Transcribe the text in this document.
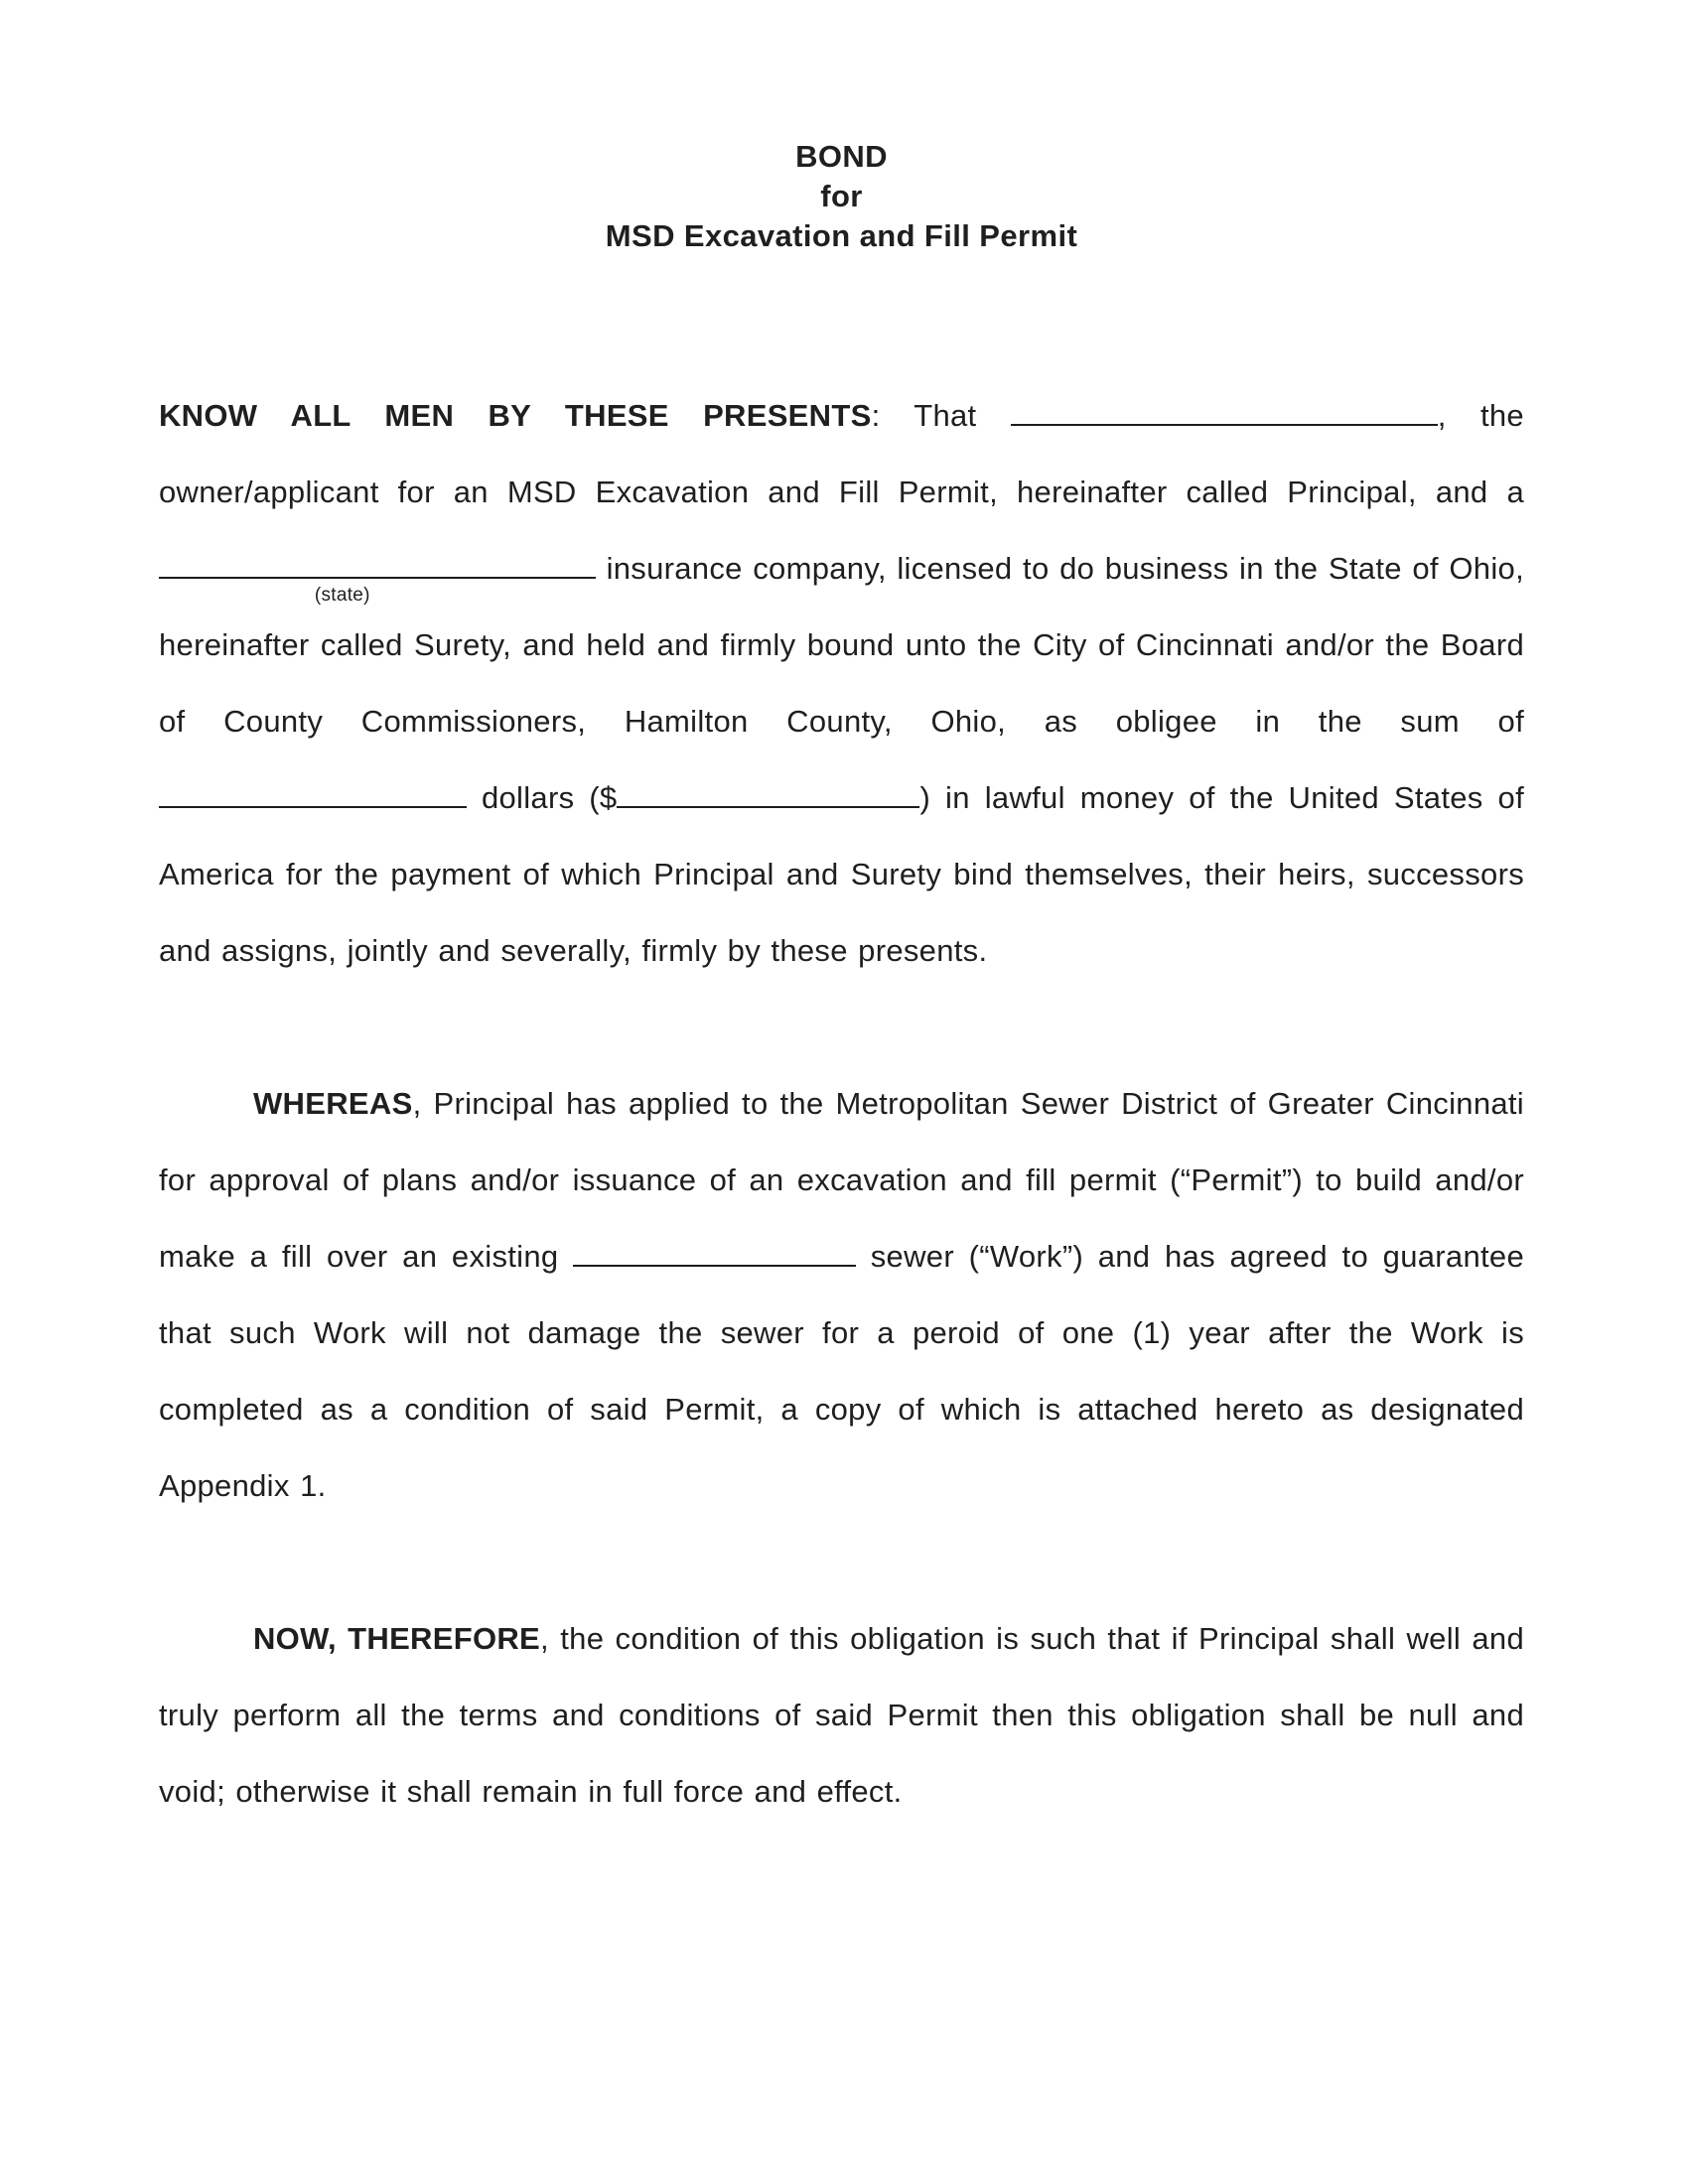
BOND
for
MSD Excavation and Fill Permit

KNOW ALL MEN BY THESE PRESENTS: That	, the owner/applicant for an MSD Excavation and Fill Permit, hereinafter called Principal, and a
(state)
insurance company, licensed to do business in the State of Ohio, hereinafter called Surety, and held and firmly bound unto the City of Cincinnati and/or the Board of County Commissioners, Hamilton County, Ohio, as obligee in the sum of  dollars ($	) in lawful money of the United States of America for the payment of which Principal and Surety bind themselves, their heirs, successors and assigns, jointly and severally, firmly by these presents.

WHEREAS, Principal has applied to the Metropolitan Sewer District of Greater Cincinnati for approval of plans and/or issuance of an excavation and fill permit (“Permit”) to build and/or make a fill over an existing	sewer (“Work”) and has agreed to guarantee that such Work will not damage the sewer for a peroid of one (1) year after the Work is completed as a condition of said Permit, a copy of which is attached hereto as designated Appendix 1.

NOW, THEREFORE, the condition of this obligation is such that if Principal shall well and truly perform all the terms and conditions of said Permit then this obligation shall be null and void; otherwise it shall remain in full force and effect.
